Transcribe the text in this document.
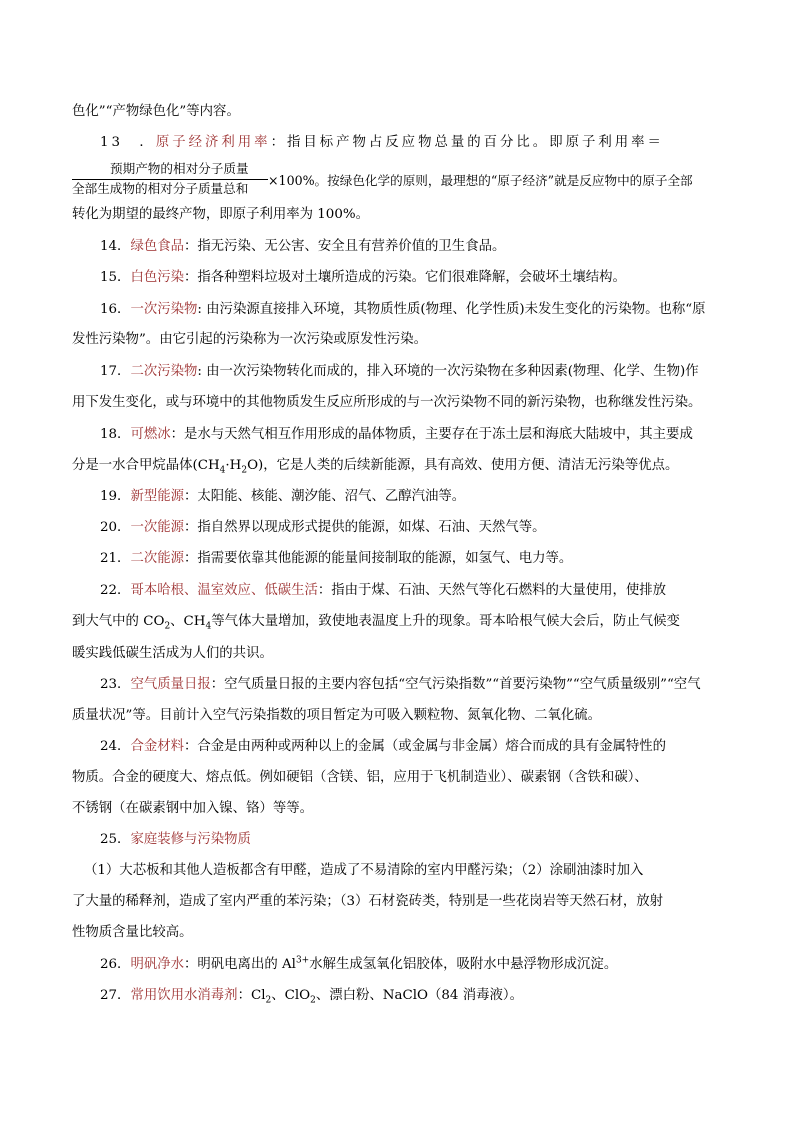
色化”“产物绿色化”等内容。
13　．原子经济利用率：指目标产物占反应物总量的百分比。即原子利用率＝
预期产物的相对分子质量
全部生成物的相对分子质量总和
×100%。按绿色化学的原则，最理想的“原子经济”就是反应物中的原子全部
转化为期望的最终产物，即原子利用率为 100%。
14．绿色食品：指无污染、无公害、安全且有营养价值的卫生食品。
15．白色污染：指各种塑料垃圾对土壤所造成的污染。它们很难降解，会破坏土壤结构。
16．一次污染物: 由污染源直接排入环境，其物质性质(物理、化学性质)未发生变化的污染物。也称“原
发性污染物”。由它引起的污染称为一次污染或原发性污染。
17．二次污染物: 由一次污染物转化而成的，排入环境的一次污染物在多种因素(物理、化学、生物)作
用下发生变化，或与环境中的其他物质发生反应所形成的与一次污染物不同的新污染物，也称继发性污染。
18．可燃冰：是水与天然气相互作用形成的晶体物质，主要存在于冻土层和海底大陆坡中，其主要成
分是一水合甲烷晶体$(CH_4\cdot H_2O)$，它是人类的后续新能源，具有高效、使用方便、清洁无污染等优点。
19．新型能源：太阳能、核能、潮汐能、沼气、乙醇汽油等。
20．一次能源：指自然界以现成形式提供的能源，如煤、石油、天然气等。
21．二次能源：指需要依靠其他能源的能量间接制取的能源，如氢气、电力等。
22．哥本哈根、温室效应、低碳生活：指由于煤、石油、天然气等化石燃料的大量使用，使排放
到大气中的 $CO_2$、$CH_4$等气体大量增加，致使地表温度上升的现象。哥本哈根气候大会后，防止气候变
暖实践低碳生活成为人们的共识。
23．空气质量日报：空气质量日报的主要内容包括“空气污染指数”“首要污染物”“空气质量级别”“空气
质量状况”等。目前计入空气污染指数的项目暂定为可吸入颗粒物、氮氧化物、二氧化硫。
24．合金材料：合金是由两种或两种以上的金属（或金属与非金属）熔合而成的具有金属特性的
物质。合金的硬度大、熔点低。例如硬铝（含镁、铝，应用于飞机制造业）、碳素钢（含铁和碳）、
不锈钢（在碳素钢中加入镍、铬）等等。
25．家庭装修与污染物质
（1）大芯板和其他人造板都含有甲醛，造成了不易清除的室内甲醛污染；（2）涂刷油漆时加入
了大量的稀释剂，造成了室内严重的苯污染；（3）石材瓷砖类，特别是一些花岗岩等天然石材，放射
性物质含量比较高。
26．明矾净水：明矾电离出的 $Al^{3+}$水解生成氢氧化铝胶体，吸附水中悬浮物形成沉淀。
27．常用饮用水消毒剂：$Cl_2$、ClO$_2$、漂白粉、NaClO（84 消毒液）。
